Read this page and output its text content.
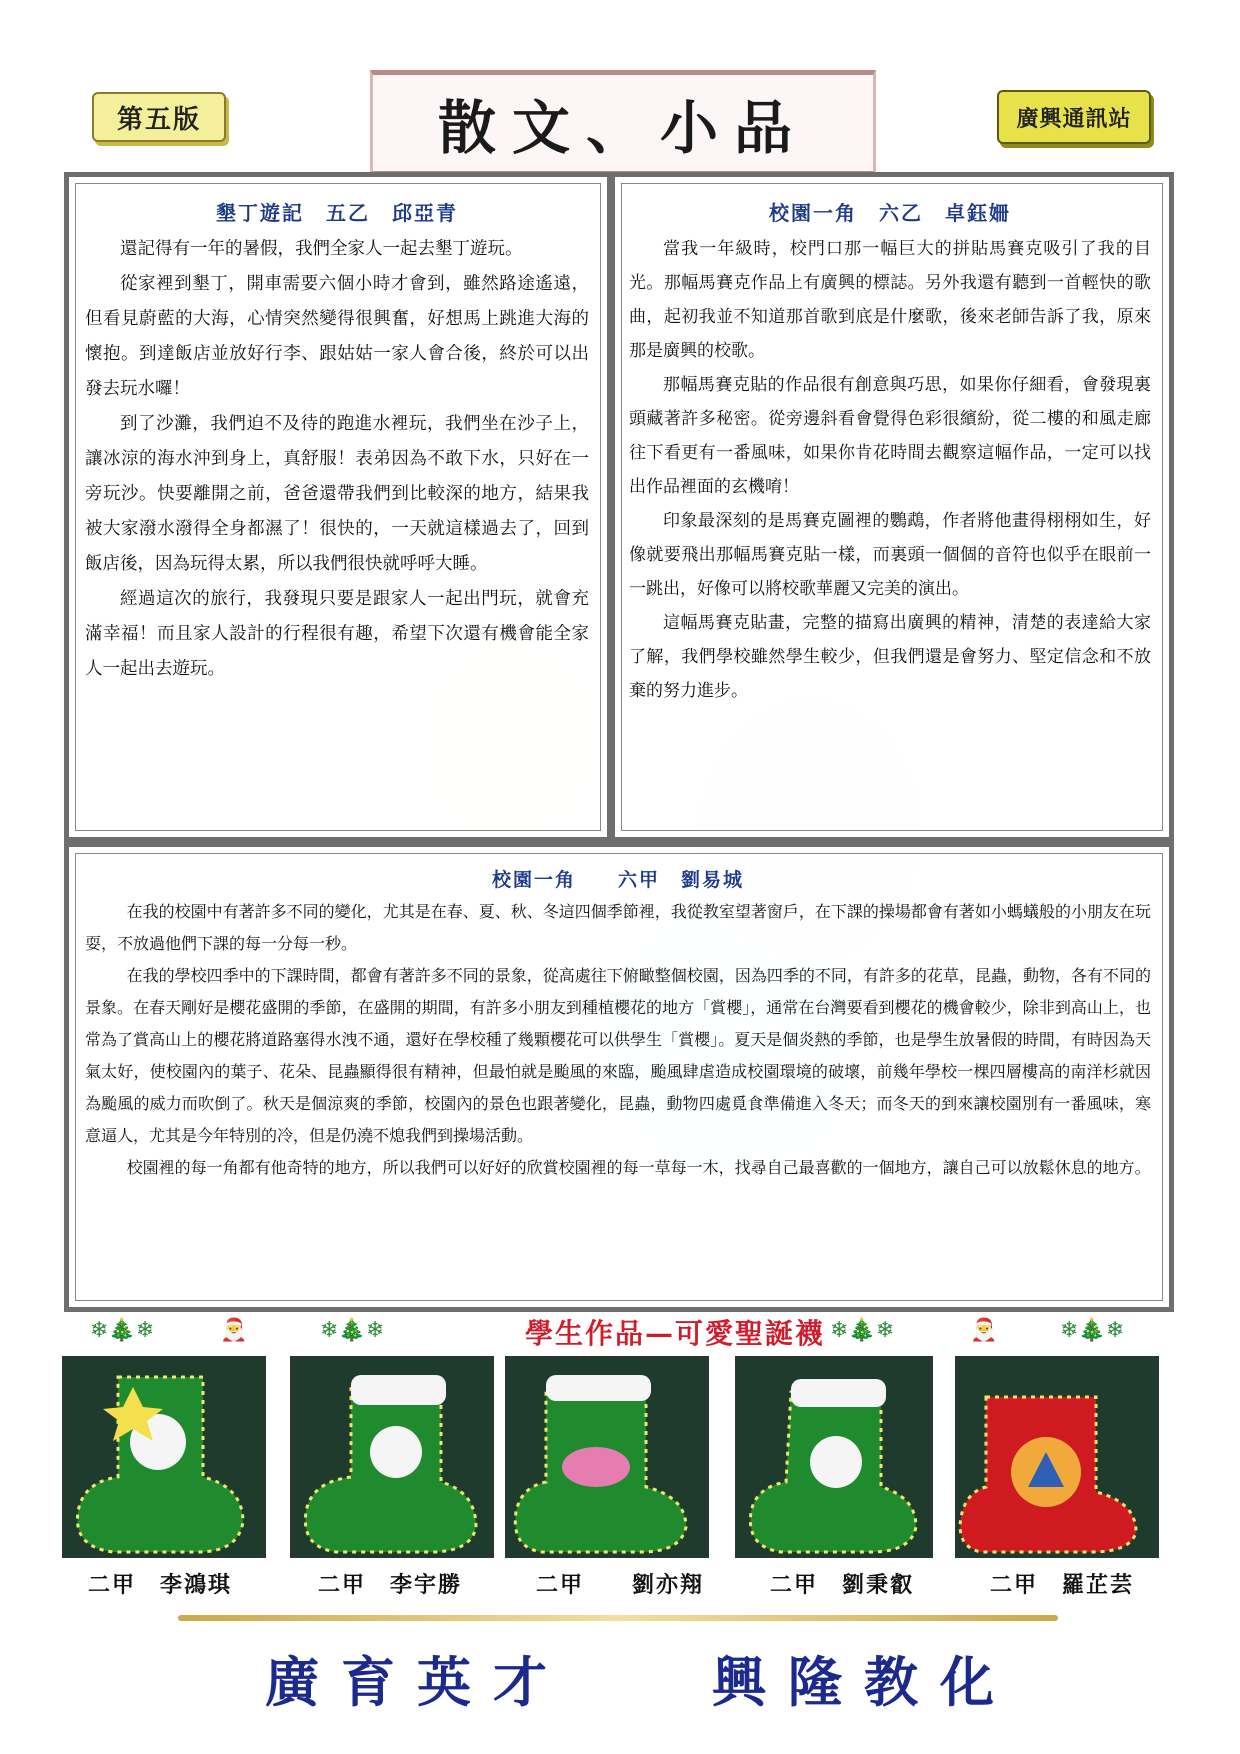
第五版	散文、小品	廣興通訊站
墾丁遊記　五乙　邱亞青

還記得有一年的暑假，我們全家人一起去墾丁遊玩。

從家裡到墾丁，開車需要六個小時才會到，雖然路途遙遠，但看見蔚藍的大海，心情突然變得很興奮，好想馬上跳進大海的懷抱。到達飯店並放好行李、跟姑姑一家人會合後，終於可以出發去玩水囉！

到了沙灘，我們迫不及待的跑進水裡玩，我們坐在沙子上，讓冰涼的海水沖到身上，真舒服！表弟因為不敢下水，只好在一旁玩沙。快要離開之前，爸爸還帶我們到比較深的地方，結果我被大家潑水潑得全身都濕了！很快的，一天就這樣過去了，回到飯店後，因為玩得太累，所以我們很快就呼呼大睡。

經過這次的旅行，我發現只要是跟家人一起出門玩，就會充滿幸福！而且家人設計的行程很有趣，希望下次還有機會能全家人一起出去遊玩。

校園一角　六乙　卓鈺姍

當我一年級時，校門口那一幅巨大的拼貼馬賽克吸引了我的目光。那幅馬賽克作品上有廣興的標誌。另外我還有聽到一首輕快的歌曲，起初我並不知道那首歌到底是什麼歌，後來老師告訴了我，原來那是廣興的校歌。

那幅馬賽克貼的作品很有創意與巧思，如果你仔細看，會發現裏頭藏著許多秘密。從旁邊斜看會覺得色彩很繽紛，從二樓的和風走廊往下看更有一番風味，如果你肯花時間去觀察這幅作品，一定可以找出作品裡面的玄機唷！

印象最深刻的是馬賽克圖裡的鸚鵡，作者將他畫得栩栩如生，好像就要飛出那幅馬賽克貼一樣，而裏頭一個個的音符也似乎在眼前一一跳出，好像可以將校歌華麗又完美的演出。

這幅馬賽克貼畫，完整的描寫出廣興的精神，清楚的表達給大家了解，我們學校雖然學生較少，但我們還是會努力、堅定信念和不放棄的努力進步。

校園一角　　六甲　劉易城

在我的校園中有著許多不同的變化，尤其是在春、夏、秋、冬這四個季節裡，我從教室望著窗戶，在下課的操場都會有著如小螞蟻般的小朋友在玩耍，不放過他們下課的每一分每一秒。

在我的學校四季中的下課時間，都會有著許多不同的景象，從高處往下俯瞰整個校園，因為四季的不同，有許多的花草，昆蟲，動物，各有不同的景象。在春天剛好是櫻花盛開的季節，在盛開的期間，有許多小朋友到種植櫻花的地方「賞櫻」，通常在台灣要看到櫻花的機會較少，除非到高山上，也常為了賞高山上的櫻花將道路塞得水洩不通，還好在學校種了幾顆櫻花可以供學生「賞櫻」。夏天是個炎熱的季節，也是學生放暑假的時間，有時因為天氣太好，使校園內的葉子、花朵、昆蟲顯得很有精神，但最怕就是颱風的來臨，颱風肆虐造成校園環境的破壞，前幾年學校一棵四層樓高的南洋杉就因為颱風的威力而吹倒了。秋天是個涼爽的季節，校園內的景色也跟著變化，昆蟲，動物四處覓食準備進入冬天；而冬天的到來讓校園別有一番風味，寒意逼人，尤其是今年特別的冷，但是仍澆不熄我們到操場活動。

校園裡的每一角都有他奇特的地方，所以我們可以好好的欣賞校園裡的每一草每一木，找尋自己最喜歡的一個地方，讓自己可以放鬆休息的地方。

❄🎄❄	🎅	❄🎄❄	學生作品—可愛聖誕襪 ❄🎄❄	🎅	❄🎄❄
二甲　李鴻琪	二甲　李宇勝	二甲　　劉亦翔	二甲　劉秉叡	二甲　羅芷芸
廣育英才	興隆教化
